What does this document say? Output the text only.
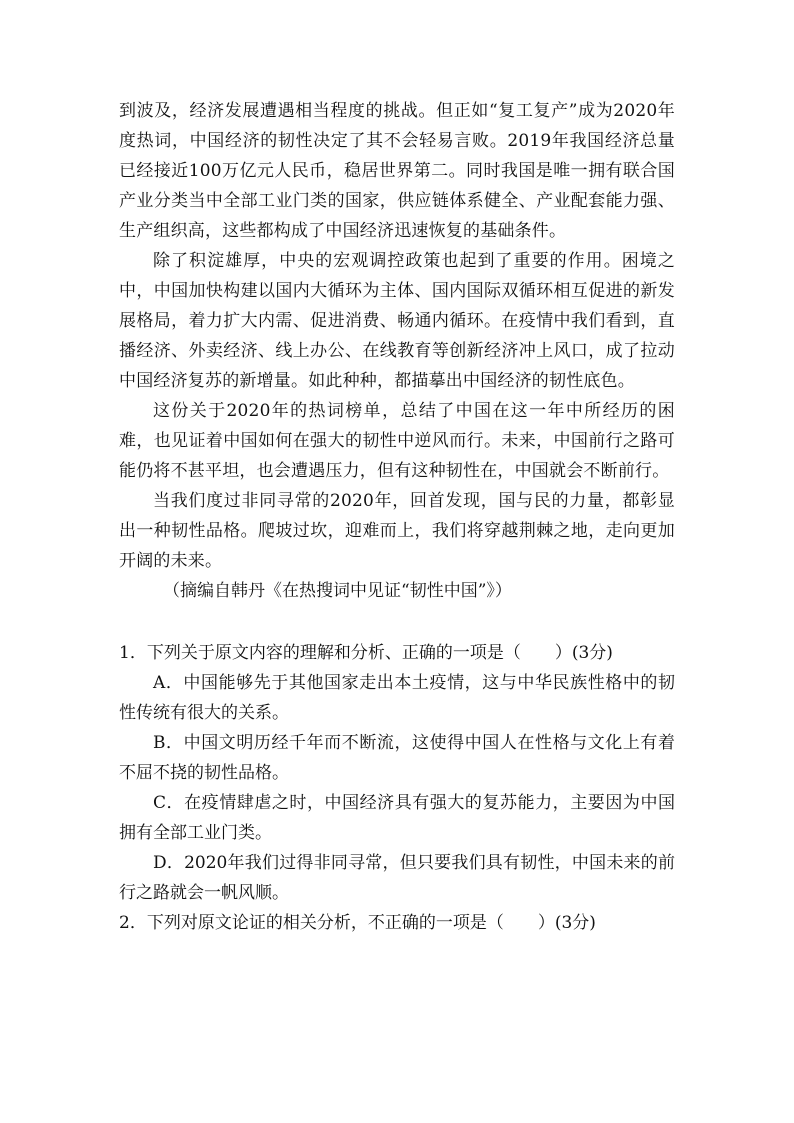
到波及，经济发展遭遇相当程度的挑战。但正如“复工复产”成为2020年度热词，中国经济的韧性决定了其不会轻易言败。2019年我国经济总量已经接近100万亿元人民币，稳居世界第二。同时我国是唯一拥有联合国产业分类当中全部工业门类的国家，供应链体系健全、产业配套能力强、生产组织高，这些都构成了中国经济迅速恢复的基础条件。

除了积淀雄厚，中央的宏观调控政策也起到了重要的作用。困境之中，中国加快构建以国内大循环为主体、国内国际双循环相互促进的新发展格局，着力扩大内需、促进消费、畅通内循环。在疫情中我们看到，直播经济、外卖经济、线上办公、在线教育等创新经济冲上风口，成了拉动中国经济复苏的新增量。如此种种，都描摹出中国经济的韧性底色。

这份关于2020年的热词榜单，总结了中国在这一年中所经历的困难，也见证着中国如何在强大的韧性中逆风而行。未来，中国前行之路可能仍将不甚平坦，也会遭遇压力，但有这种韧性在，中国就会不断前行。

当我们度过非同寻常的2020年，回首发现，国与民的力量，都彰显出一种韧性品格。爬坡过坎，迎难而上，我们将穿越荆棘之地，走向更加开阔的未来。

（摘编自韩丹《在热搜词中见证“韧性中国”》）

1．下列关于原文内容的理解和分析、正确的一项是（　　）(3分)

A．中国能够先于其他国家走出本土疫情，这与中华民族性格中的韧性传统有很大的关系。

B．中国文明历经千年而不断流，这使得中国人在性格与文化上有着不屈不挠的韧性品格。

C．在疫情肆虐之时，中国经济具有强大的复苏能力，主要因为中国拥有全部工业门类。

D．2020年我们过得非同寻常，但只要我们具有韧性，中国未来的前行之路就会一帆风顺。

2．下列对原文论证的相关分析，不正确的一项是（　　）(3分)
